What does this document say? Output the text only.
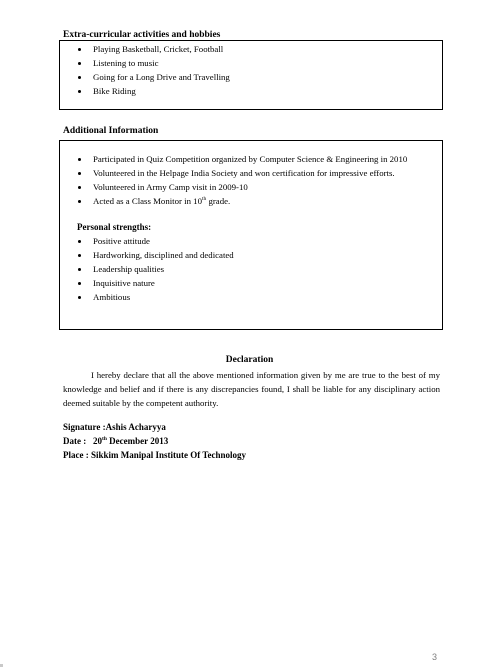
Extra-curricular activities and hobbies
Playing Basketball, Cricket, Football
Listening to music
Going for a Long Drive and Travelling
Bike Riding
Additional Information
Participated in Quiz Competition organized by Computer Science & Engineering in 2010
Volunteered in the Helpage India Society and won certification for impressive efforts.
Volunteered in Army Camp visit in 2009-10
Acted as a Class Monitor in 10th grade.
Personal strengths:
Positive attitude
Hardworking, disciplined and dedicated
Leadership qualities
Inquisitive nature
Ambitious
Declaration
I hereby declare that all the above mentioned information given by me are true to the best of my knowledge and belief and if there is any discrepancies found, I shall be liable for any disciplinary action deemed suitable by the competent authority.
Signature :Ashis Acharyya
Date :   20th December 2013
Place : Sikkim Manipal Institute Of Technology
3
